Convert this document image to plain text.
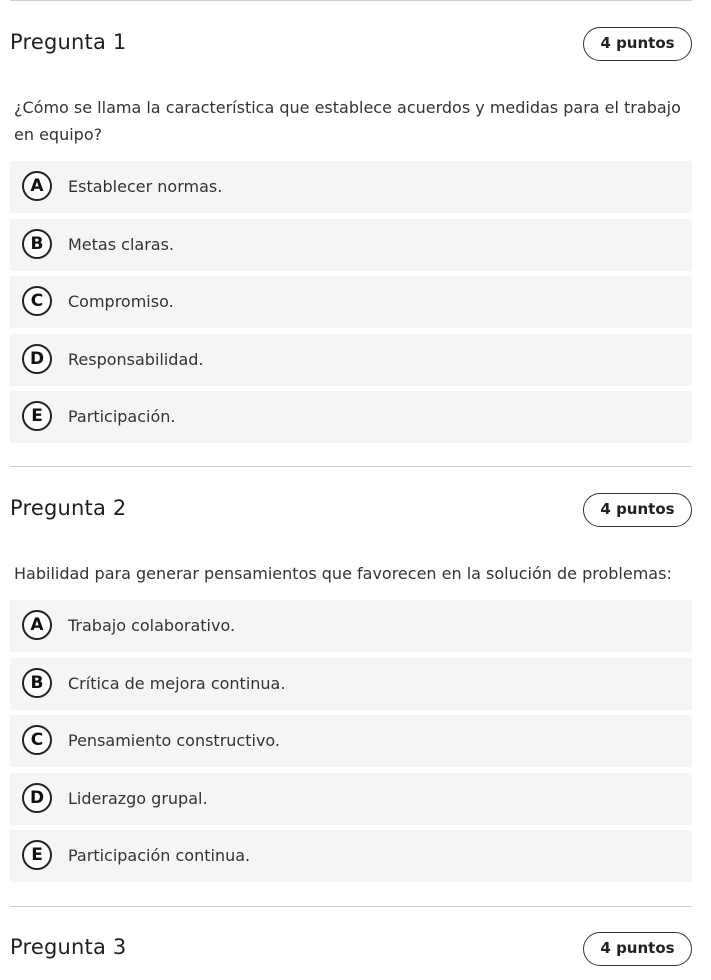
Pregunta 1	4 puntos
¿Cómo se llama la característica que establece acuerdos y medidas para el trabajo en equipo?
A	Establecer normas.
B	Metas claras.
C	Compromiso.
D	Responsabilidad.
E	Participación.
Pregunta 2	4 puntos
Habilidad para generar pensamientos que favorecen en la solución de problemas:
A	Trabajo colaborativo.
B	Crítica de mejora continua.
C	Pensamiento constructivo.
D	Liderazgo grupal.
E	Participación continua.
Pregunta 3	4 puntos
